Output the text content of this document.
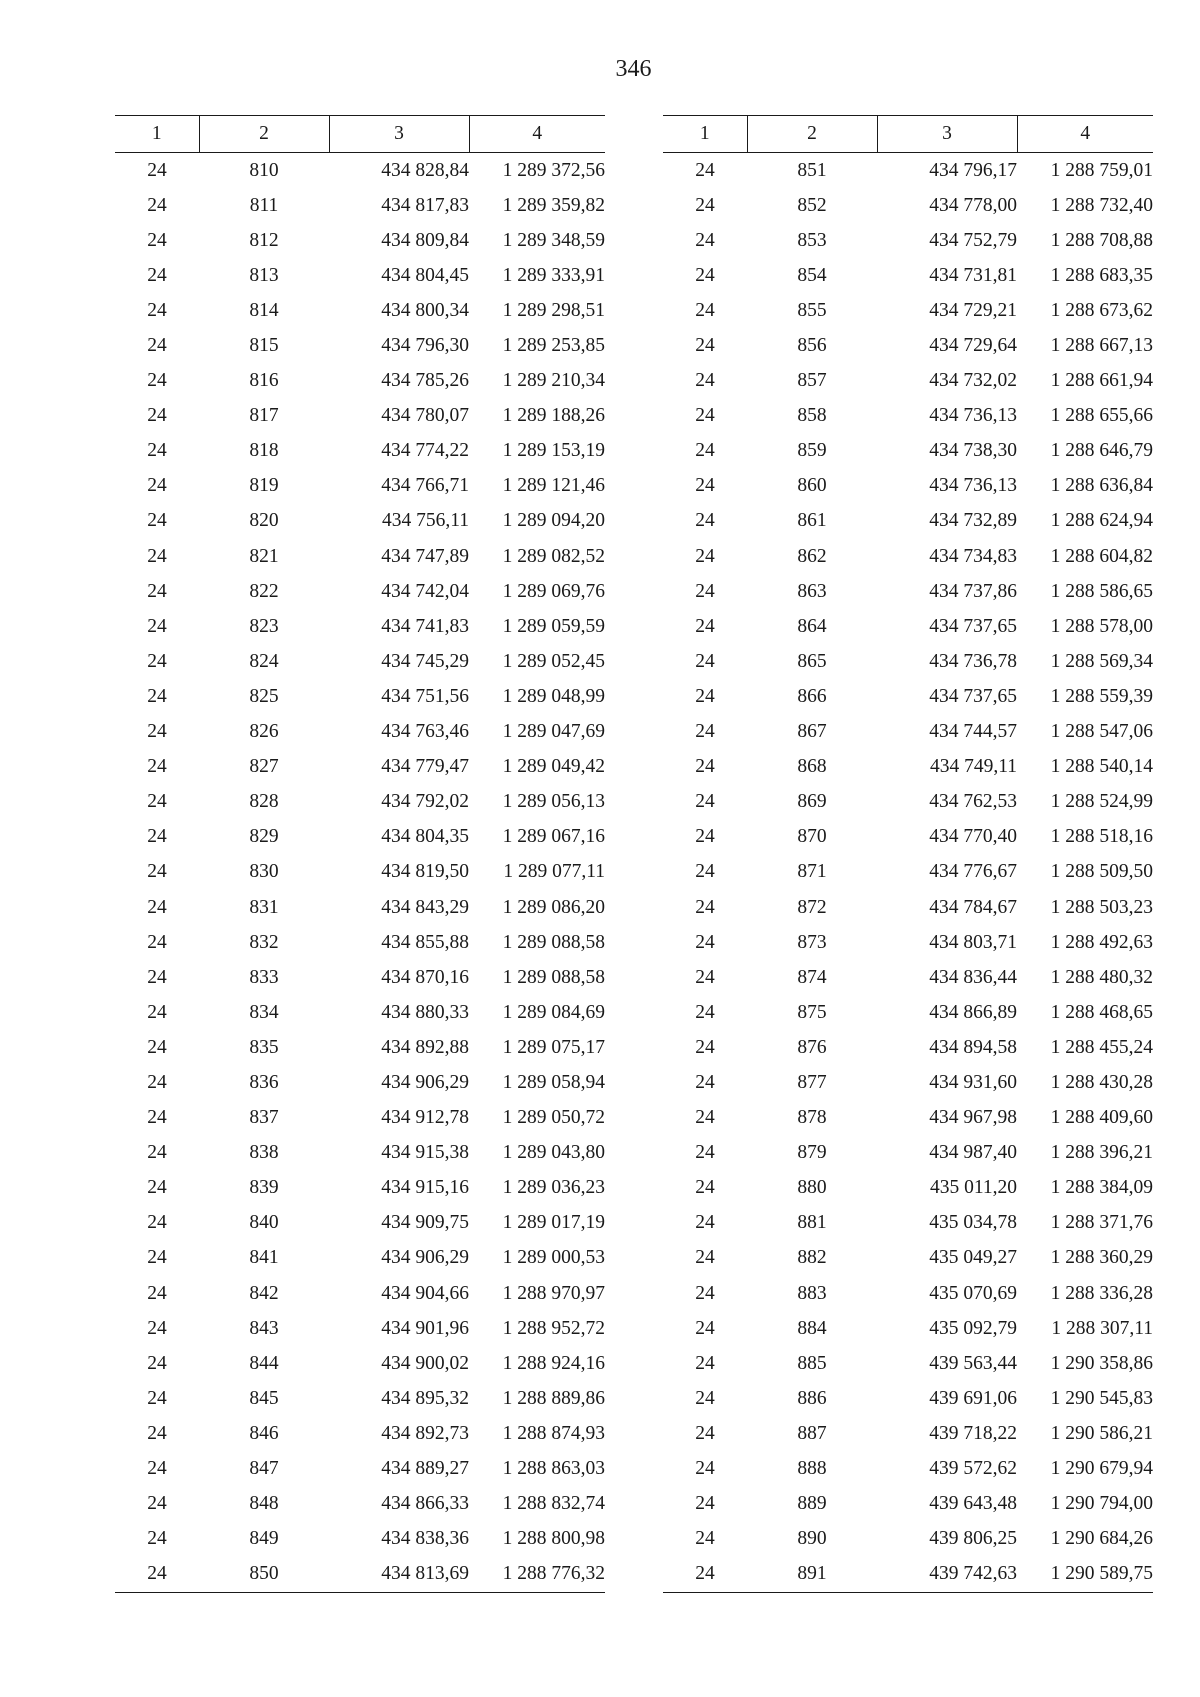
346
1	2	3	4
24	810	434 828,84	1 289 372,56
24	811	434 817,83	1 289 359,82
24	812	434 809,84	1 289 348,59
24	813	434 804,45	1 289 333,91
24	814	434 800,34	1 289 298,51
24	815	434 796,30	1 289 253,85
24	816	434 785,26	1 289 210,34
24	817	434 780,07	1 289 188,26
24	818	434 774,22	1 289 153,19
24	819	434 766,71	1 289 121,46
24	820	434 756,11	1 289 094,20
24	821	434 747,89	1 289 082,52
24	822	434 742,04	1 289 069,76
24	823	434 741,83	1 289 059,59
24	824	434 745,29	1 289 052,45
24	825	434 751,56	1 289 048,99
24	826	434 763,46	1 289 047,69
24	827	434 779,47	1 289 049,42
24	828	434 792,02	1 289 056,13
24	829	434 804,35	1 289 067,16
24	830	434 819,50	1 289 077,11
24	831	434 843,29	1 289 086,20
24	832	434 855,88	1 289 088,58
24	833	434 870,16	1 289 088,58
24	834	434 880,33	1 289 084,69
24	835	434 892,88	1 289 075,17
24	836	434 906,29	1 289 058,94
24	837	434 912,78	1 289 050,72
24	838	434 915,38	1 289 043,80
24	839	434 915,16	1 289 036,23
24	840	434 909,75	1 289 017,19
24	841	434 906,29	1 289 000,53
24	842	434 904,66	1 288 970,97
24	843	434 901,96	1 288 952,72
24	844	434 900,02	1 288 924,16
24	845	434 895,32	1 288 889,86
24	846	434 892,73	1 288 874,93
24	847	434 889,27	1 288 863,03
24	848	434 866,33	1 288 832,74
24	849	434 838,36	1 288 800,98
24	850	434 813,69	1 288 776,32
1	2	3	4
24	851	434 796,17	1 288 759,01
24	852	434 778,00	1 288 732,40
24	853	434 752,79	1 288 708,88
24	854	434 731,81	1 288 683,35
24	855	434 729,21	1 288 673,62
24	856	434 729,64	1 288 667,13
24	857	434 732,02	1 288 661,94
24	858	434 736,13	1 288 655,66
24	859	434 738,30	1 288 646,79
24	860	434 736,13	1 288 636,84
24	861	434 732,89	1 288 624,94
24	862	434 734,83	1 288 604,82
24	863	434 737,86	1 288 586,65
24	864	434 737,65	1 288 578,00
24	865	434 736,78	1 288 569,34
24	866	434 737,65	1 288 559,39
24	867	434 744,57	1 288 547,06
24	868	434 749,11	1 288 540,14
24	869	434 762,53	1 288 524,99
24	870	434 770,40	1 288 518,16
24	871	434 776,67	1 288 509,50
24	872	434 784,67	1 288 503,23
24	873	434 803,71	1 288 492,63
24	874	434 836,44	1 288 480,32
24	875	434 866,89	1 288 468,65
24	876	434 894,58	1 288 455,24
24	877	434 931,60	1 288 430,28
24	878	434 967,98	1 288 409,60
24	879	434 987,40	1 288 396,21
24	880	435 011,20	1 288 384,09
24	881	435 034,78	1 288 371,76
24	882	435 049,27	1 288 360,29
24	883	435 070,69	1 288 336,28
24	884	435 092,79	1 288 307,11
24	885	439 563,44	1 290 358,86
24	886	439 691,06	1 290 545,83
24	887	439 718,22	1 290 586,21
24	888	439 572,62	1 290 679,94
24	889	439 643,48	1 290 794,00
24	890	439 806,25	1 290 684,26
24	891	439 742,63	1 290 589,75
